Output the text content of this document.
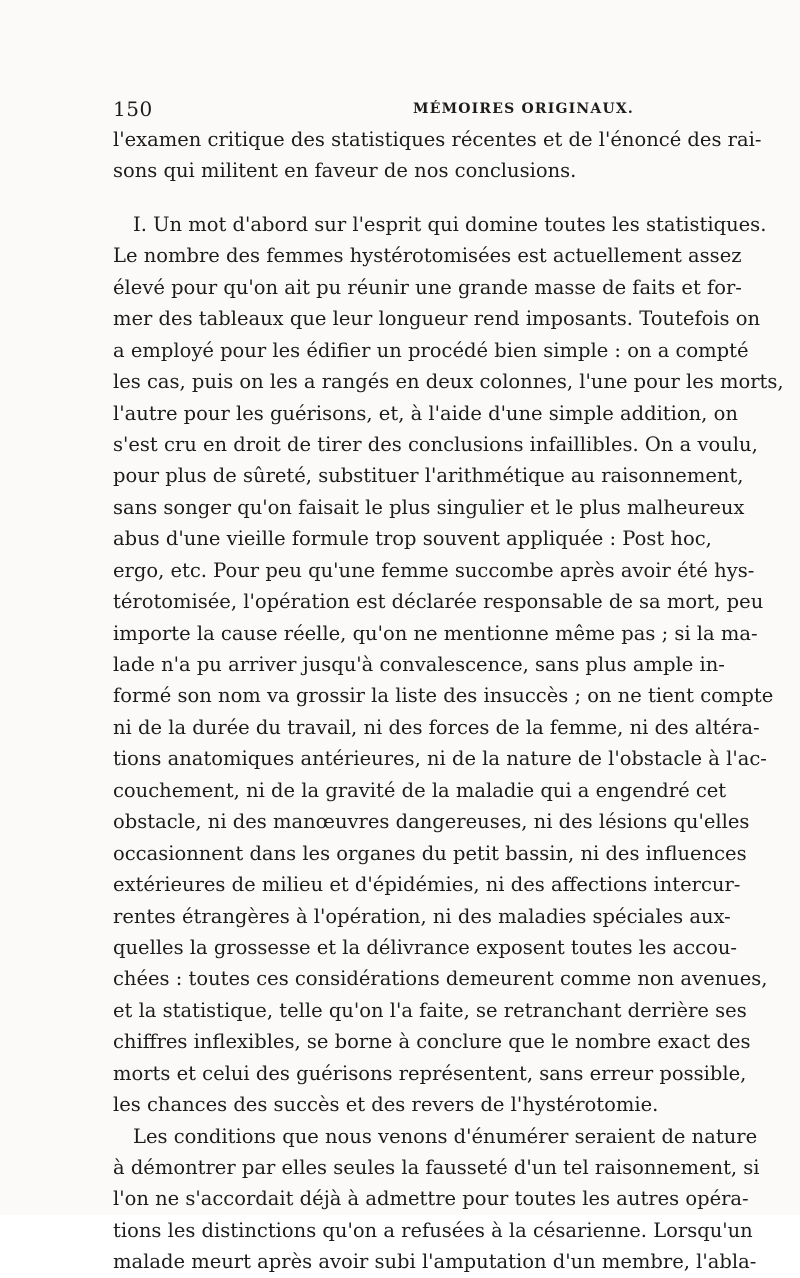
150	MÉMOIRES ORIGINAUX.
l'examen critique des statistiques récentes et de l'énoncé des rai-
sons qui militent en faveur de nos conclusions.
I. Un mot d'abord sur l'esprit qui domine toutes les statistiques.
Le nombre des femmes hystérotomisées est actuellement assez
élevé pour qu'on ait pu réunir une grande masse de faits et for-
mer des tableaux que leur longueur rend imposants. Toutefois on
a employé pour les édifier un procédé bien simple : on a compté
les cas, puis on les a rangés en deux colonnes, l'une pour les morts,
l'autre pour les guérisons, et, à l'aide d'une simple addition, on
s'est cru en droit de tirer des conclusions infaillibles. On a voulu,
pour plus de sûreté, substituer l'arithmétique au raisonnement,
sans songer qu'on faisait le plus singulier et le plus malheureux
abus d'une vieille formule trop souvent appliquée : Post hoc,
ergo, etc. Pour peu qu'une femme succombe après avoir été hys-
térotomisée, l'opération est déclarée responsable de sa mort, peu
importe la cause réelle, qu'on ne mentionne même pas ; si la ma-
lade n'a pu arriver jusqu'à convalescence, sans plus ample in-
formé son nom va grossir la liste des insuccès ; on ne tient compte
ni de la durée du travail, ni des forces de la femme, ni des altéra-
tions anatomiques antérieures, ni de la nature de l'obstacle à l'ac-
couchement, ni de la gravité de la maladie qui a engendré cet
obstacle, ni des manœuvres dangereuses, ni des lésions qu'elles
occasionnent dans les organes du petit bassin, ni des influences
extérieures de milieu et d'épidémies, ni des affections intercur-
rentes étrangères à l'opération, ni des maladies spéciales aux-
quelles la grossesse et la délivrance exposent toutes les accou-
chées : toutes ces considérations demeurent comme non avenues,
et la statistique, telle qu'on l'a faite, se retranchant derrière ses
chiffres inflexibles, se borne à conclure que le nombre exact des
morts et celui des guérisons représentent, sans erreur possible,
les chances des succès et des revers de l'hystérotomie.
Les conditions que nous venons d'énumérer seraient de nature
à démontrer par elles seules la fausseté d'un tel raisonnement, si
l'on ne s'accordait déjà à admettre pour toutes les autres opéra-
tions les distinctions qu'on a refusées à la césarienne. Lorsqu'un
malade meurt après avoir subi l'amputation d'un membre, l'abla-
